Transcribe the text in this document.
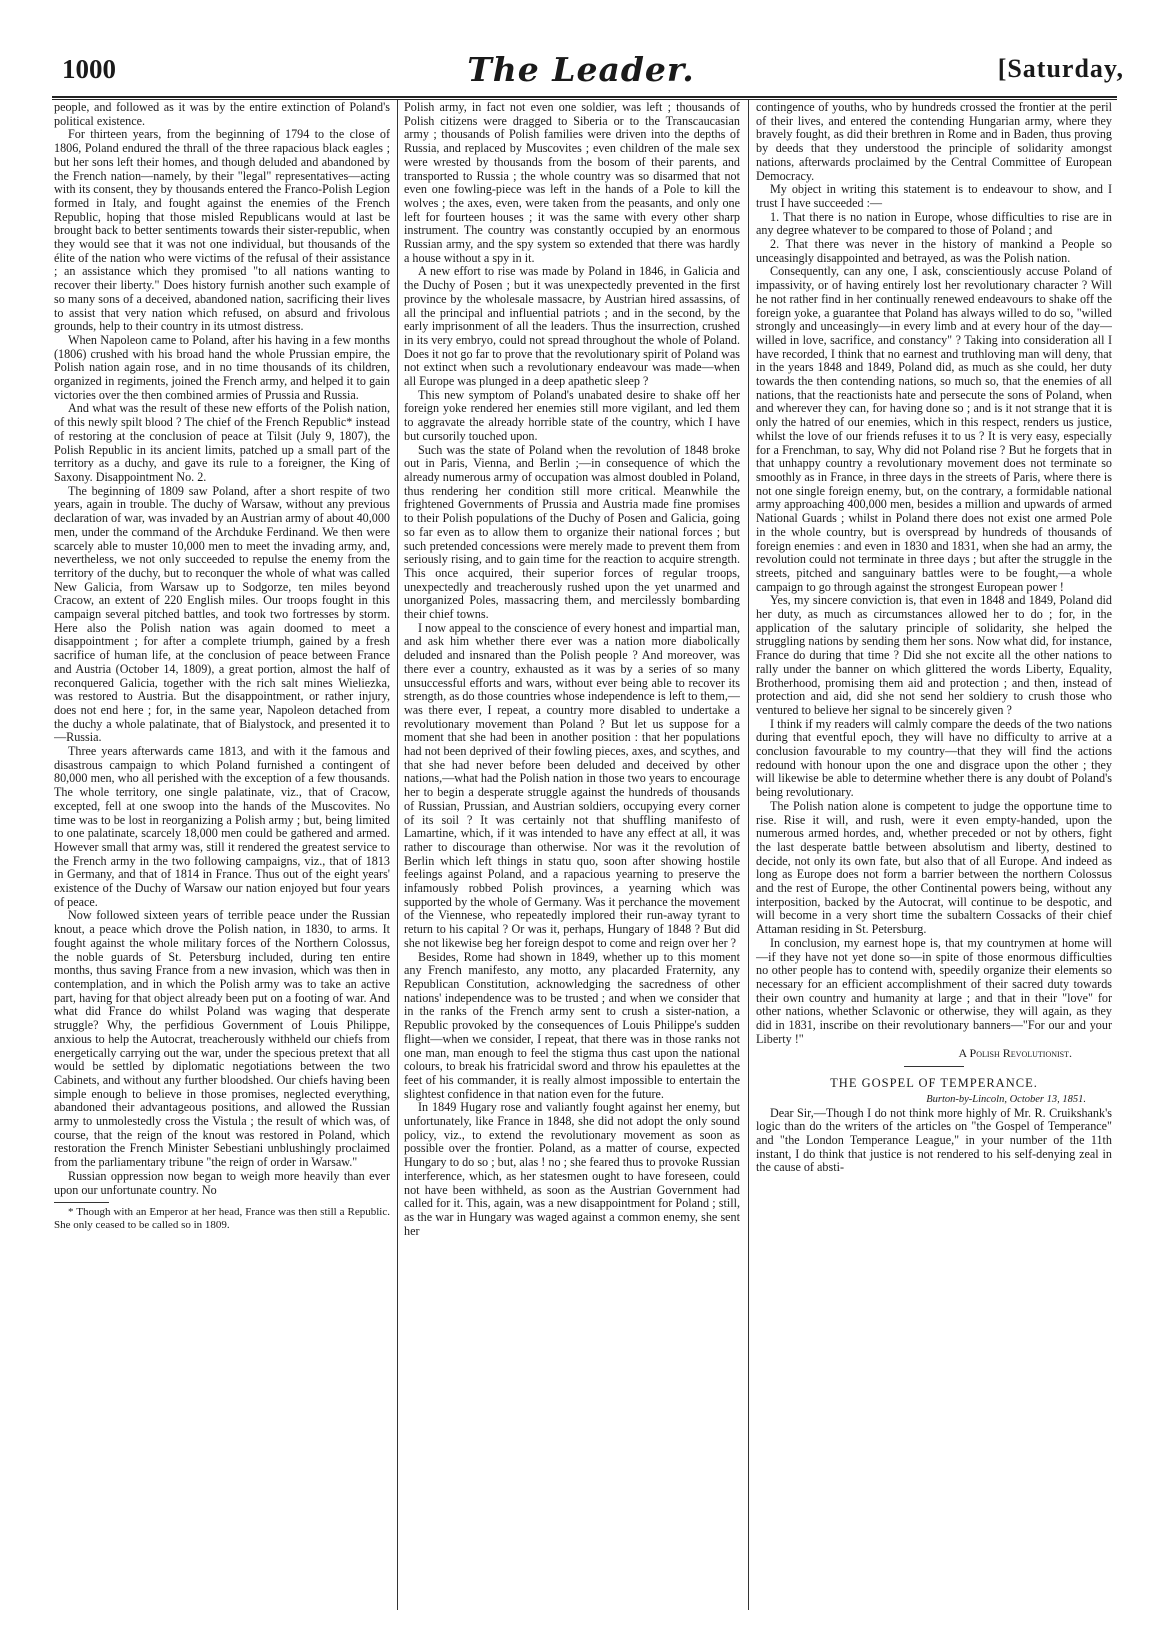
1000	The Leader.	[Saturday,

people, and followed as it was by the entire extinction of Poland's political existence.

For thirteen years, from the beginning of 1794 to the close of 1806, Poland endured the thrall of the three rapacious black eagles ; but her sons left their homes, and though deluded and abandoned by the French nation—namely, by their "legal" representatives—acting with its consent, they by thousands entered the Franco-Polish Legion formed in Italy, and fought against the enemies of the French Republic, hoping that those misled Republicans would at last be brought back to better sentiments towards their sister-republic, when they would see that it was not one individual, but thousands of the élite of the nation who were victims of the refusal of their assistance ; an assistance which they promised "to all nations wanting to recover their liberty." Does history furnish another such example of so many sons of a deceived, abandoned nation, sacrificing their lives to assist that very nation which refused, on absurd and frivolous grounds, help to their country in its utmost distress.

When Napoleon came to Poland, after his having in a few months (1806) crushed with his broad hand the whole Prussian empire, the Polish nation again rose, and in no time thousands of its children, organized in regiments, joined the French army, and helped it to gain victories over the then combined armies of Prussia and Russia.

And what was the result of these new efforts of the Polish nation, of this newly spilt blood ? The chief of the French Republic* instead of restoring at the conclusion of peace at Tilsit (July 9, 1807), the Polish Republic in its ancient limits, patched up a small part of the territory as a duchy, and gave its rule to a foreigner, the King of Saxony. Disappointment No. 2.

The beginning of 1809 saw Poland, after a short respite of two years, again in trouble. The duchy of Warsaw, without any previous declaration of war, was invaded by an Austrian army of about 40,000 men, under the command of the Archduke Ferdinand. We then were scarcely able to muster 10,000 men to meet the invading army, and, nevertheless, we not only succeeded to repulse the enemy from the territory of the duchy, but to reconquer the whole of what was called New Galicia, from Warsaw up to Sodgorze, ten miles beyond Cracow, an extent of 220 English miles. Our troops fought in this campaign several pitched battles, and took two fortresses by storm. Here also the Polish nation was again doomed to meet a disappointment ; for after a complete triumph, gained by a fresh sacrifice of human life, at the conclusion of peace between France and Austria (October 14, 1809), a great portion, almost the half of reconquered Galicia, together with the rich salt mines Wieliezka, was restored to Austria. But the disappointment, or rather injury, does not end here ; for, in the same year, Napoleon detached from the duchy a whole palatinate, that of Bialystock, and presented it to—Russia.

Three years afterwards came 1813, and with it the famous and disastrous campaign to which Poland furnished a contingent of 80,000 men, who all perished with the exception of a few thousands. The whole territory, one single palatinate, viz., that of Cracow, excepted, fell at one swoop into the hands of the Muscovites. No time was to be lost in reorganizing a Polish army ; but, being limited to one palatinate, scarcely 18,000 men could be gathered and armed. However small that army was, still it rendered the greatest service to the French army in the two following campaigns, viz., that of 1813 in Germany, and that of 1814 in France. Thus out of the eight years' existence of the Duchy of Warsaw our nation enjoyed but four years of peace.

Now followed sixteen years of terrible peace under the Russian knout, a peace which drove the Polish nation, in 1830, to arms. It fought against the whole military forces of the Northern Colossus, the noble guards of St. Petersburg included, during ten entire months, thus saving France from a new invasion, which was then in contemplation, and in which the Polish army was to take an active part, having for that object already been put on a footing of war. And what did France do whilst Poland was waging that desperate struggle? Why, the perfidious Government of Louis Philippe, anxious to help the Autocrat, treacherously withheld our chiefs from energetically carrying out the war, under the specious pretext that all would be settled by diplomatic negotiations between the two Cabinets, and without any further bloodshed. Our chiefs having been simple enough to believe in those promises, neglected everything, abandoned their advantageous positions, and allowed the Russian army to unmolestedly cross the Vistula ; the result of which was, of course, that the reign of the knout was restored in Poland, which restoration the French Minister Sebestiani unblushingly proclaimed from the parliamentary tribune "the reign of order in Warsaw."

Russian oppression now began to weigh more heavily than ever upon our unfortunate country. No

* Though with an Emperor at her head, France was then still a Republic. She only ceased to be called so in 1809.

Polish army, in fact not even one soldier, was left ; thousands of Polish citizens were dragged to Siberia or to the Transcaucasian army ; thousands of Polish families were driven into the depths of Russia, and replaced by Muscovites ; even children of the male sex were wrested by thousands from the bosom of their parents, and transported to Russia ; the whole country was so disarmed that not even one fowling-piece was left in the hands of a Pole to kill the wolves ; the axes, even, were taken from the peasants, and only one left for fourteen houses ; it was the same with every other sharp instrument. The country was constantly occupied by an enormous Russian army, and the spy system so extended that there was hardly a house without a spy in it.

A new effort to rise was made by Poland in 1846, in Galicia and the Duchy of Posen ; but it was unexpectedly prevented in the first province by the wholesale massacre, by Austrian hired assassins, of all the principal and influential patriots ; and in the second, by the early imprisonment of all the leaders. Thus the insurrection, crushed in its very embryo, could not spread throughout the whole of Poland. Does it not go far to prove that the revolutionary spirit of Poland was not extinct when such a revolutionary endeavour was made—when all Europe was plunged in a deep apathetic sleep ?

This new symptom of Poland's unabated desire to shake off her foreign yoke rendered her enemies still more vigilant, and led them to aggravate the already horrible state of the country, which I have but cursorily touched upon.

Such was the state of Poland when the revolution of 1848 broke out in Paris, Vienna, and Berlin ;—in consequence of which the already numerous army of occupation was almost doubled in Poland, thus rendering her condition still more critical. Meanwhile the frightened Governments of Prussia and Austria made fine promises to their Polish populations of the Duchy of Posen and Galicia, going so far even as to allow them to organize their national forces ; but such pretended concessions were merely made to prevent them from seriously rising, and to gain time for the reaction to acquire strength. This once acquired, their superior forces of regular troops, unexpectedly and treacherously rushed upon the yet unarmed and unorganized Poles, massacring them, and mercilessly bombarding their chief towns.

I now appeal to the conscience of every honest and impartial man, and ask him whether there ever was a nation more diabolically deluded and insnared than the Polish people ? And moreover, was there ever a country, exhausted as it was by a series of so many unsuccessful efforts and wars, without ever being able to recover its strength, as do those countries whose independence is left to them,—was there ever, I repeat, a country more disabled to undertake a revolutionary movement than Poland ? But let us suppose for a moment that she had been in another position : that her populations had not been deprived of their fowling pieces, axes, and scythes, and that she had never before been deluded and deceived by other nations,—what had the Polish nation in those two years to encourage her to begin a desperate struggle against the hundreds of thousands of Russian, Prussian, and Austrian soldiers, occupying every corner of its soil ? It was certainly not that shuffling manifesto of Lamartine, which, if it was intended to have any effect at all, it was rather to discourage than otherwise. Nor was it the revolution of Berlin which left things in statu quo, soon after showing hostile feelings against Poland, and a rapacious yearning to preserve the infamously robbed Polish provinces, a yearning which was supported by the whole of Germany. Was it perchance the movement of the Viennese, who repeatedly implored their run-away tyrant to return to his capital ? Or was it, perhaps, Hungary of 1848 ? But did she not likewise beg her foreign despot to come and reign over her ?

Besides, Rome had shown in 1849, whether up to this moment any French manifesto, any motto, any placarded Fraternity, any Republican Constitution, acknowledging the sacredness of other nations' independence was to be trusted ; and when we consider that in the ranks of the French army sent to crush a sister-nation, a Republic provoked by the consequences of Louis Philippe's sudden flight—when we consider, I repeat, that there was in those ranks not one man, man enough to feel the stigma thus cast upon the national colours, to break his fratricidal sword and throw his epaulettes at the feet of his commander, it is really almost impossible to entertain the slightest confidence in that nation even for the future.

In 1849 Hugary rose and valiantly fought against her enemy, but unfortunately, like France in 1848, she did not adopt the only sound policy, viz., to extend the revolutionary movement as soon as possible over the frontier. Poland, as a matter of course, expected Hungary to do so ; but, alas ! no ; she feared thus to provoke Russian interference, which, as her statesmen ought to have foreseen, could not have been withheld, as soon as the Austrian Government had called for it. This, again, was a new disappointment for Poland ; still, as the war in Hungary was waged against a common enemy, she sent her

contingence of youths, who by hundreds crossed the frontier at the peril of their lives, and entered the contending Hungarian army, where they bravely fought, as did their brethren in Rome and in Baden, thus proving by deeds that they understood the principle of solidarity amongst nations, afterwards proclaimed by the Central Committee of European Democracy.

My object in writing this statement is to endeavour to show, and I trust I have succeeded :—

1. That there is no nation in Europe, whose difficulties to rise are in any degree whatever to be compared to those of Poland ; and

2. That there was never in the history of mankind a People so unceasingly disappointed and betrayed, as was the Polish nation.

Consequently, can any one, I ask, conscientiously accuse Poland of impassivity, or of having entirely lost her revolutionary character ? Will he not rather find in her continually renewed endeavours to shake off the foreign yoke, a guarantee that Poland has always willed to do so, "willed strongly and unceasingly—in every limb and at every hour of the day—willed in love, sacrifice, and constancy" ? Taking into consideration all I have recorded, I think that no earnest and truthloving man will deny, that in the years 1848 and 1849, Poland did, as much as she could, her duty towards the then contending nations, so much so, that the enemies of all nations, that the reactionists hate and persecute the sons of Poland, when and wherever they can, for having done so ; and is it not strange that it is only the hatred of our enemies, which in this respect, renders us justice, whilst the love of our friends refuses it to us ? It is very easy, especially for a Frenchman, to say, Why did not Poland rise ? But he forgets that in that unhappy country a revolutionary movement does not terminate so smoothly as in France, in three days in the streets of Paris, where there is not one single foreign enemy, but, on the contrary, a formidable national army approaching 400,000 men, besides a million and upwards of armed National Guards ; whilst in Poland there does not exist one armed Pole in the whole country, but is overspread by hundreds of thousands of foreign enemies : and even in 1830 and 1831, when she had an army, the revolution could not terminate in three days ; but after the struggle in the streets, pitched and sanguinary battles were to be fought,—a whole campaign to go through against the strongest European power !

Yes, my sincere conviction is, that even in 1848 and 1849, Poland did her duty, as much as circumstances allowed her to do ; for, in the application of the salutary principle of solidarity, she helped the struggling nations by sending them her sons. Now what did, for instance, France do during that time ? Did she not excite all the other nations to rally under the banner on which glittered the words Liberty, Equality, Brotherhood, promising them aid and protection ; and then, instead of protection and aid, did she not send her soldiery to crush those who ventured to believe her signal to be sincerely given ?

I think if my readers will calmly compare the deeds of the two nations during that eventful epoch, they will have no difficulty to arrive at a conclusion favourable to my country—that they will find the actions redound with honour upon the one and disgrace upon the other ; they will likewise be able to determine whether there is any doubt of Poland's being revolutionary.

The Polish nation alone is competent to judge the opportune time to rise. Rise it will, and rush, were it even empty-handed, upon the numerous armed hordes, and, whether preceded or not by others, fight the last desperate battle between absolutism and liberty, destined to decide, not only its own fate, but also that of all Europe. And indeed as long as Europe does not form a barrier between the northern Colossus and the rest of Europe, the other Continental powers being, without any interposition, backed by the Autocrat, will continue to be despotic, and will become in a very short time the subaltern Cossacks of their chief Attaman residing in St. Petersburg.

In conclusion, my earnest hope is, that my countrymen at home will—if they have not yet done so—in spite of those enormous difficulties no other people has to contend with, speedily organize their elements so necessary for an efficient accomplishment of their sacred duty towards their own country and humanity at large ; and that in their "love" for other nations, whether Sclavonic or otherwise, they will again, as they did in 1831, inscribe on their revolutionary banners—"For our and your Liberty !"

A Polish Revolutionist.

THE GOSPEL OF TEMPERANCE.

Burton-by-Lincoln, October 13, 1851.

Dear Sir,—Though I do not think more highly of Mr. R. Cruikshank's logic than do the writers of the articles on "the Gospel of Temperance" and "the London Temperance League," in your number of the 11th instant, I do think that justice is not rendered to his self-denying zeal in the cause of absti-
